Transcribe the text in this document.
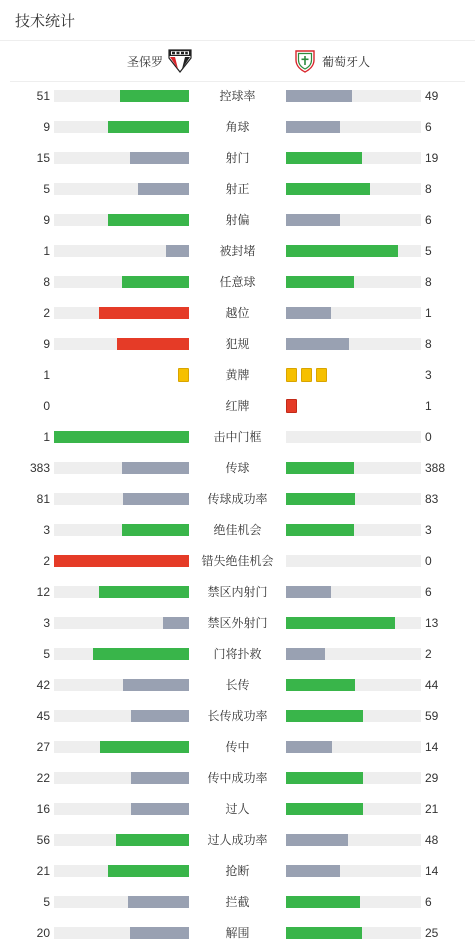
技术统计
圣保罗	葡萄牙人
51	控球率	49
9	角球	6
15	射门	19
5	射正	8
9	射偏	6
1	被封堵	5
8	任意球	8
2	越位	1
9	犯规	8
1	黄牌	3
0	红牌	1
1	击中门框	0
383	传球	388
81	传球成功率	83
3	绝佳机会	3
2	错失绝佳机会	0
12	禁区内射门	6
3	禁区外射门	13
5	门将扑救	2
42	长传	44
45	长传成功率	59
27	传中	14
22	传中成功率	29
16	过人	21
56	过人成功率	48
21	抢断	14
5	拦截	6
20	解围	25
